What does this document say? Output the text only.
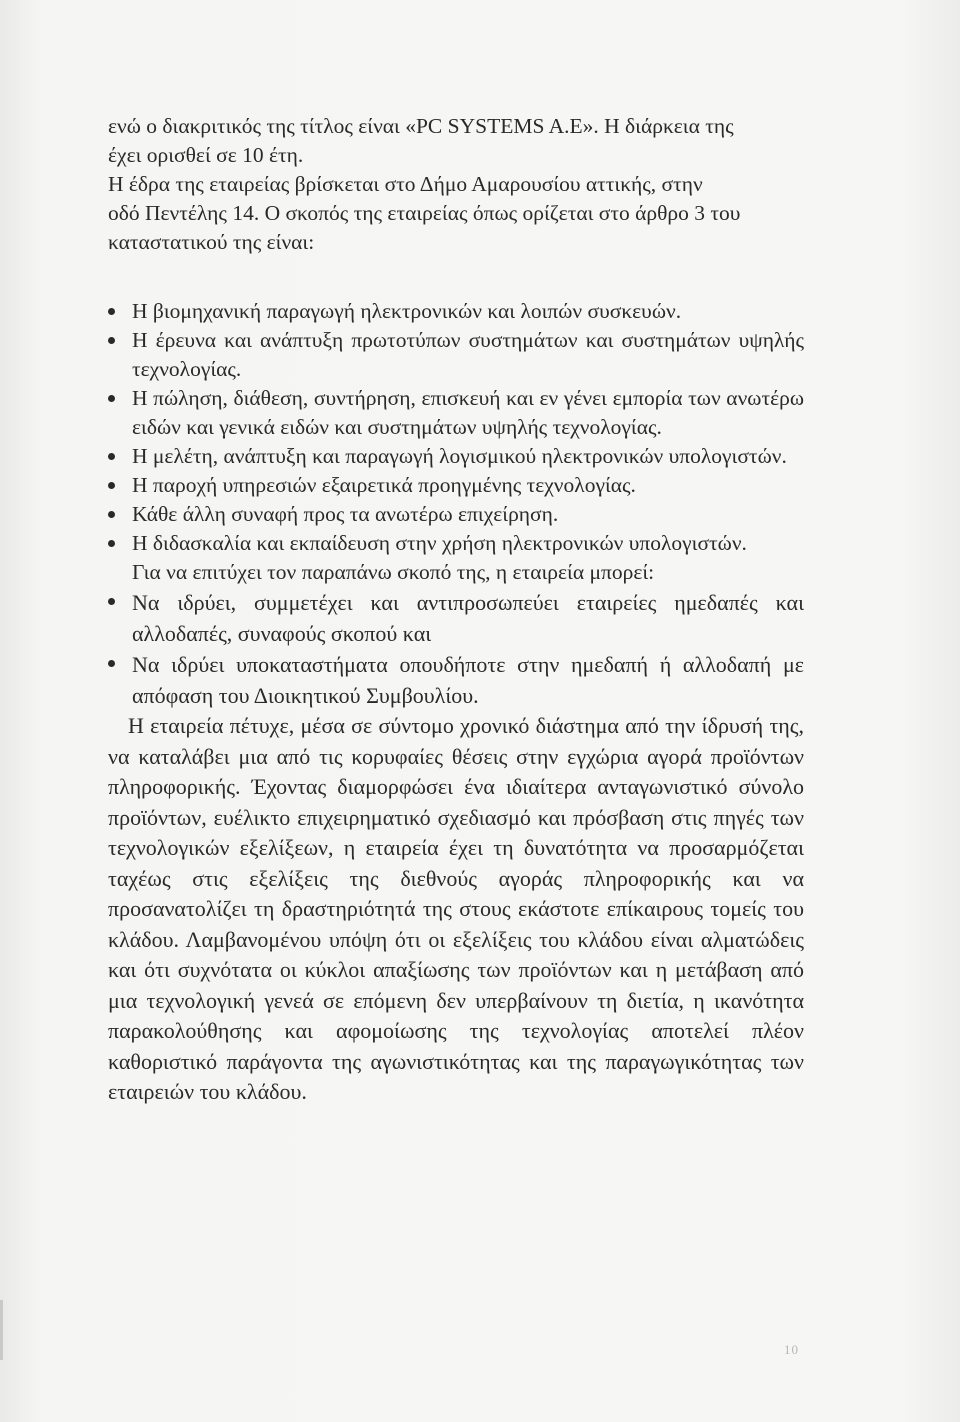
ενώ ο διακριτικός της τίτλος είναι «PC SYSTEMS A.E». Η διάρκεια της

έχει ορισθεί σε 10 έτη.

Η έδρα της εταιρείας βρίσκεται στο Δήμο Αμαρουσίου αττικής, στην

οδό Πεντέλης 14. Ο σκοπός της εταιρείας όπως ορίζεται στο άρθρο 3 του

καταστατικού της είναι:

Η βιομηχανική παραγωγή ηλεκτρονικών και λοιπών συσκευών.
Η έρευνα και ανάπτυξη πρωτοτύπων συστημάτων και συστημάτων υψηλής τεχνολογίας.
Η πώληση, διάθεση, συντήρηση, επισκευή και εν γένει εμπορία των ανωτέρω ειδών και γενικά ειδών και συστημάτων υψηλής τεχνολογίας.
Η μελέτη, ανάπτυξη και παραγωγή λογισμικού ηλεκτρονικών υπολογιστών.
Η παροχή υπηρεσιών εξαιρετικά προηγμένης τεχνολογίας.
Κάθε άλλη συναφή προς τα ανωτέρω επιχείρηση.
Η διδασκαλία και εκπαίδευση στην χρήση ηλεκτρονικών υπολογιστών.

Για να επιτύχει τον παραπάνω σκοπό της, η εταιρεία μπορεί:

Να ιδρύει, συμμετέχει και αντιπροσωπεύει εταιρείες ημεδαπές και αλλοδαπές, συναφούς σκοπού και
Να ιδρύει υποκαταστήματα οπουδήποτε στην ημεδαπή ή αλλοδαπή με απόφαση του Διοικητικού Συμβουλίου.

Η εταιρεία πέτυχε, μέσα σε σύντομο χρονικό διάστημα από την ίδρυσή της, να καταλάβει μια από τις κορυφαίες θέσεις στην εγχώρια αγορά προϊόντων πληροφορικής. Έχοντας διαμορφώσει ένα ιδιαίτερα ανταγωνιστικό σύνολο προϊόντων, ευέλικτο επιχειρηματικό σχεδιασμό και πρόσβαση στις πηγές των τεχνολογικών εξελίξεων, η εταιρεία έχει τη δυνατότητα να προσαρμόζεται ταχέως στις εξελίξεις της διεθνούς αγοράς πληροφορικής και να προσανατολίζει τη δραστηριότητά της στους εκάστοτε επίκαιρους τομείς του κλάδου. Λαμβανομένου υπόψη ότι οι εξελίξεις του κλάδου είναι αλματώδεις και ότι συχνότατα οι κύκλοι απαξίωσης των προϊόντων και η μετάβαση από μια τεχνολογική γενεά σε επόμενη δεν υπερβαίνουν τη διετία, η ικανότητα παρακολούθησης και αφομοίωσης της τεχνολογίας αποτελεί πλέον καθοριστικό παράγοντα της αγωνιστικότητας και της παραγωγικότητας των εταιρειών του κλάδου.

10
